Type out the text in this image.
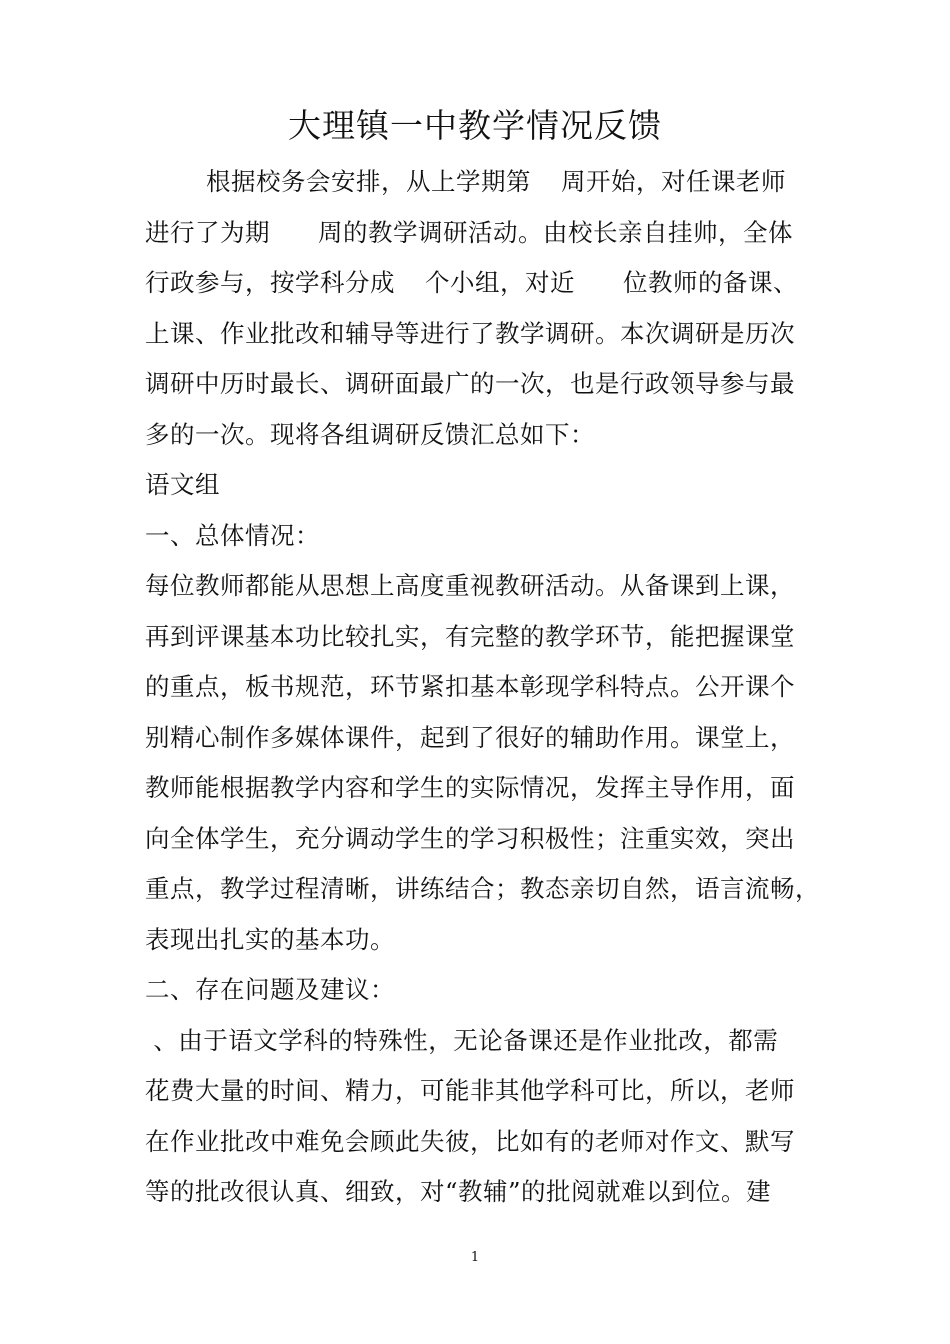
大理镇一中教学情况反馈

根据校务会安排，从上学期第 周开始，对任课老师

进行了为期 周的教学调研活动。由校长亲自挂帅，全体

行政参与，按学科分成 个小组，对近 位教师的备课、

上课、作业批改和辅导等进行了教学调研。本次调研是历次

调研中历时最长、调研面最广的一次，也是行政领导参与最

多的一次。现将各组调研反馈汇总如下：

语文组

一、总体情况：

每位教师都能从思想上高度重视教研活动。从备课到上课，

再到评课基本功比较扎实，有完整的教学环节，能把握课堂

的重点，板书规范，环节紧扣基本彰现学科特点。公开课个

别精心制作多媒体课件，起到了很好的辅助作用。课堂上，

教师能根据教学内容和学生的实际情况，发挥主导作用，面

向全体学生，充分调动学生的学习积极性；注重实效，突出

重点，教学过程清晰，讲练结合；教态亲切自然，语言流畅，

表现出扎实的基本功。

二、存在问题及建议：

、由于语文学科的特殊性，无论备课还是作业批改，都需

花费大量的时间、精力，可能非其他学科可比，所以，老师

在作业批改中难免会顾此失彼，比如有的老师对作文、默写

等的批改很认真、细致，对“教辅”的批阅就难以到位。建

1
